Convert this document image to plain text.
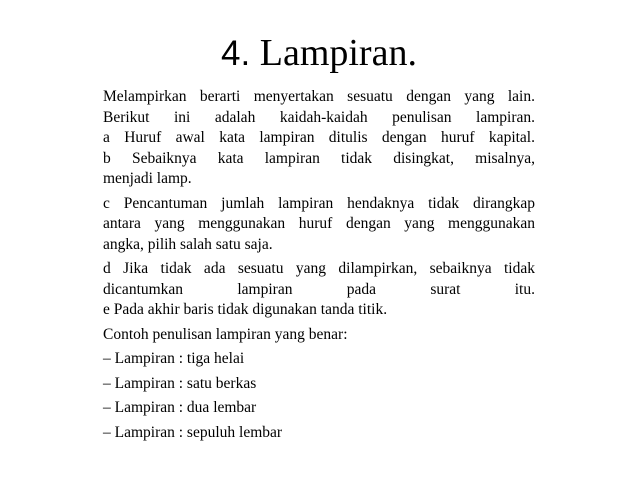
4. Lampiran.
Melampirkan berarti menyertakan sesuatu dengan yang lain.
Berikut ini adalah kaidah-kaidah penulisan lampiran.
a Huruf awal kata lampiran ditulis dengan huruf kapital.
b Sebaiknya kata lampiran tidak disingkat, misalnya,
menjadi lamp.
c Pencantuman jumlah lampiran hendaknya tidak dirangkap
antara yang menggunakan huruf dengan yang menggunakan
angka, pilih salah satu saja.
d Jika tidak ada sesuatu yang dilampirkan, sebaiknya tidak
dicantumkan lampiran pada surat itu.
e Pada akhir baris tidak digunakan tanda titik.
Contoh penulisan lampiran yang benar:
– Lampiran : tiga helai
– Lampiran : satu berkas
– Lampiran : dua lembar
– Lampiran : sepuluh lembar
